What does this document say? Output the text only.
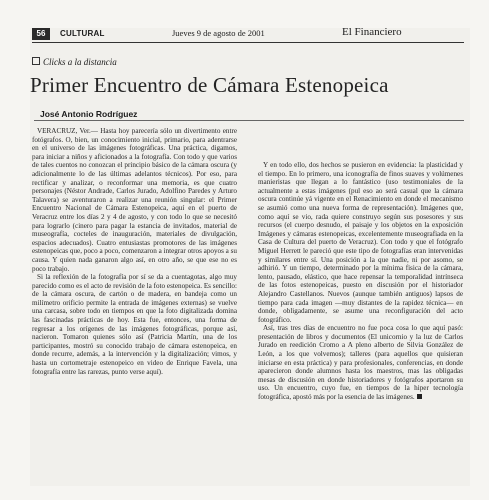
56	CULTURAL	Jueves 9 de agosto de 2001	El Financiero
Clicks a la distancia
Primer Encuentro de Cámara Estenopeica
José Antonio Rodríguez

VERACRUZ, Ver.— Hasta hoy parecería sólo un divertimento entre fotógrafos. O, bien, un conocimiento inicial, primario, para adentrarse en el universo de las imágenes fotográficas. Una práctica, digamos, para iniciar a niños y aficionados a la fotografía. Con todo y que varios de tales cuentos no conozcan el principio básico de la cámara oscura (y adicionalmente lo de las últimas adelantos técnicos). Por eso, para rectificar y analizar, o reconformar una memoria, es que cuatro personajes (Néstor Andrade, Carlos Jurado, Adolfino Paredes y Arturo Talavera) se aventuraron a realizar una reunión singular: el Primer Encuentro Nacional de Cámara Estenopeica, aquí en el puerto de Veracruz entre los días 2 y 4 de agosto, y con todo lo que se necesitó para lograrlo (cinero para pagar la estancia de invitados, material de museografía, cocteles de inauguración, materiales de divulgación, espacios adecuados). Cuatro entusiastas promotores de las imágenes estenopeicas que, poco a poco, comenzaron a integrar otros apoyos a su causa. Y quien nada ganaron algo así, en otro año, se que ese no es poco trabajo.

Si la reflexión de la fotografía por sí se da a cuentagotas, algo muy parecido como es el acto de revisión de la foto estenopeica. Es sencillo: de la cámara oscura, de cartón o de madera, en bandeja como un milímetro orificio permite la entrada de imágenes externas) se vuelve una carcasa, sobre todo en tiempos en que la foto digitalizada domina las fascinadas prácticas de hoy. Esta fue, entonces, una forma de regresar a los orígenes de las imágenes fotográficas, porque así, nacieron. Tomaron quienes sólo así (Patricia Martín, una de los participantes, mostró su conocido trabajo de cámara estenopeica, en donde recurre, además, a la intervención y la digitalización; vimos, y hasta un cortometraje estenopeico en video de Enrique Favela, una fotografía entre las rarezas, punto verse aquí).

Y en todo ello, dos hechos se pusieron en evidencia: la plasticidad y el tiempo. En lo primero, una iconografía de finos suaves y volúmenes manieristas que llegan a lo fantástico (uso testimoniales de la actualmente a estas imágenes (pul eso ao será casual que la cámara oscura continúe yá vigente en el Renacimiento en donde el mecanismo se asumió como una nueva forma de representación). Imágenes que, como aquí se vio, rada quiere construyo según sus posesores y sus recursos (el cuerpo desnudo, el paisaje y los objetos en la exposición Imágenes y cámaras estenopeicas, excelentemente museografiada en la Casa de Cultura del puerto de Veracruz). Con todo y que el fotógrafo Miguel Herrett le pareció que este tipo de fotografías eran intervenidas y similares entre sí. Una posición a la que nadie, ni por asomo, se adhirió. Y un tiempo, determinado por la mínima fisica de la cámara, lento, pausado, elástico, que hace repensar la temporalidad intrínseca de las fotos estenopeicas, puesto en discusión por el historiador Alejandro Castellanos. Nuevos (aunque también antiguos) lapsos de tiempo para cada imagen —muy distantes de la rapidez técnica— en donde, obligadamente, se asume una reconfiguración del acto fotográfico.

Así, tras tres días de encuentro no fue poca cosa lo que aquí pasó: presentación de libros y documentos (El unicornio y la luz de Carlos Jurado en reedición Cromo a A pleno alberto de Silvia González de León, a los que volvemos); talleres (para aquellos que quisieran iniciarse en esta práctica) y para profesionales, conferencias, en donde aparecieron donde alumnos hasta los maestros, mas las obligadas mesas de discusión en donde historiadores y fotógrafos aportaron su uso. Un encuentro, cuyo fue, en tiempos de la hiper tecnología fotográfica, apostó más por la esencia de las imágenes.
